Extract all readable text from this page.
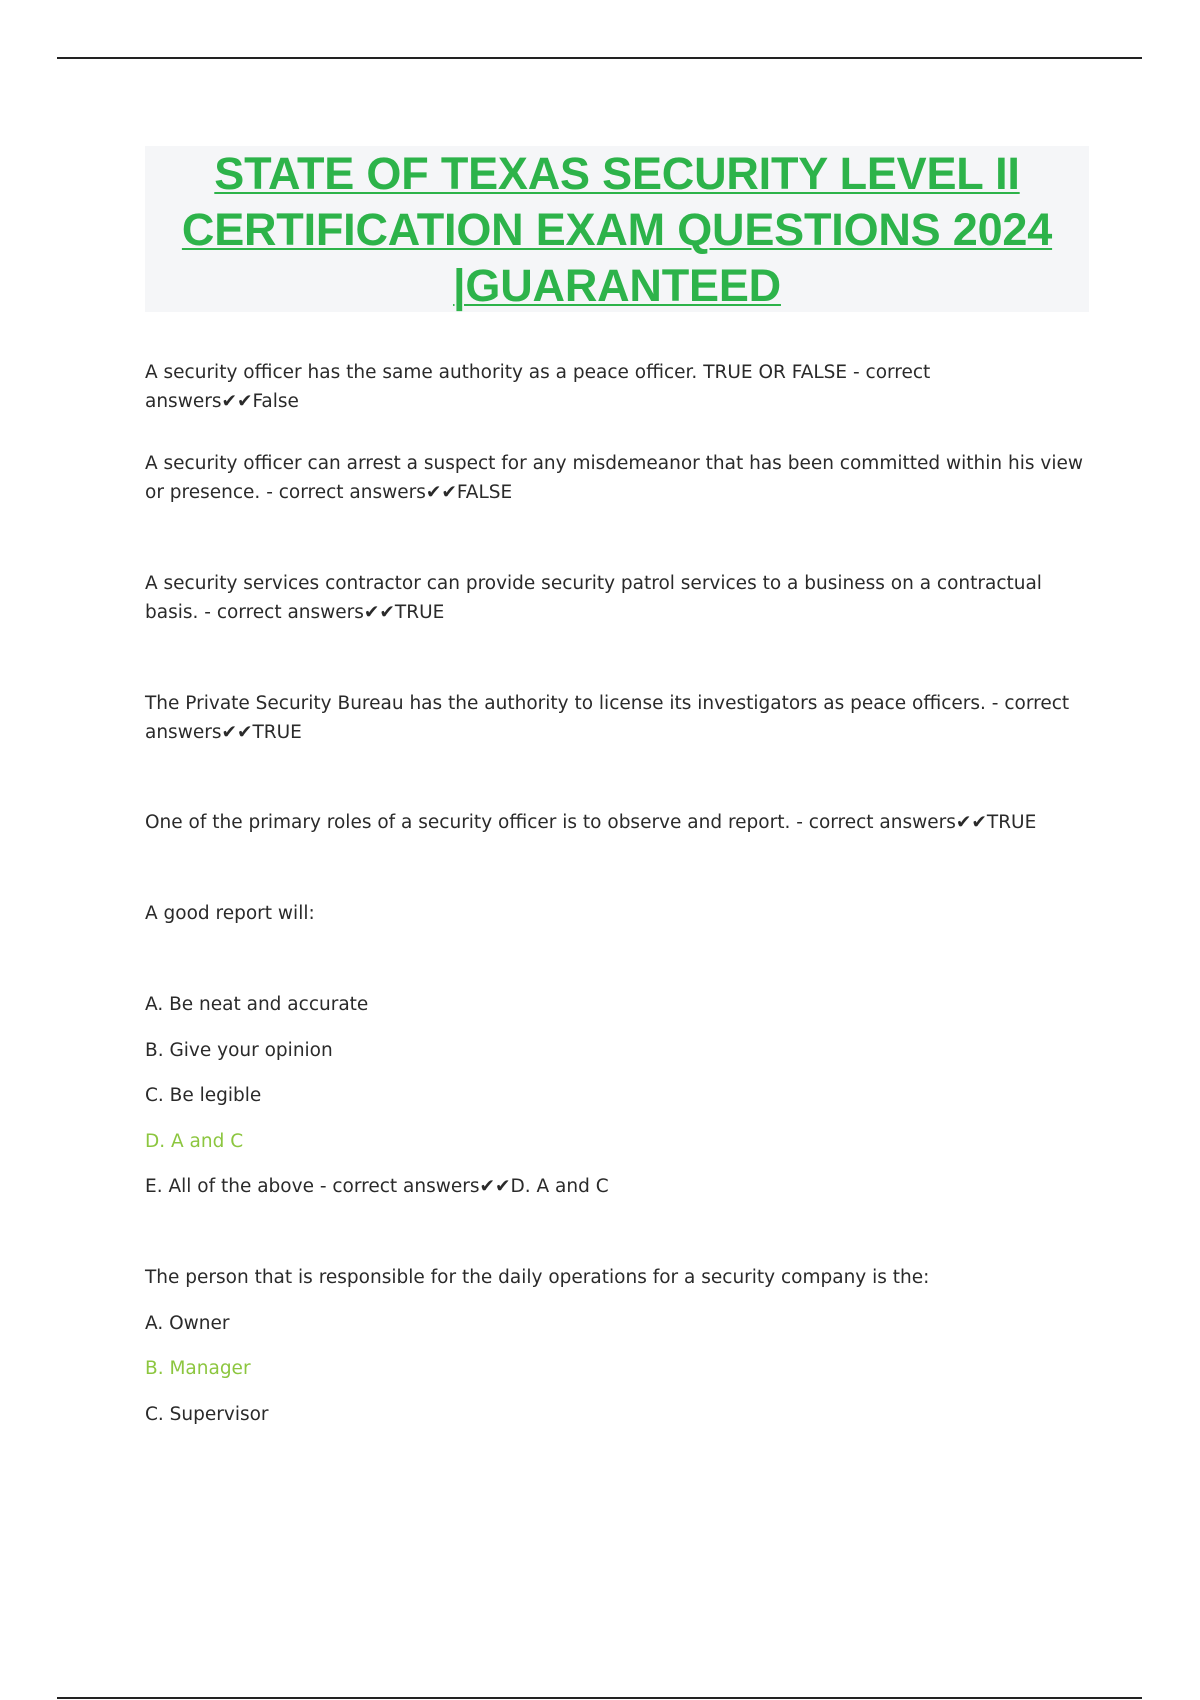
STATE OF TEXAS SECURITY LEVEL II CERTIFICATION EXAM QUESTIONS 2024 |GUARANTEED

A security officer has the same authority as a peace officer. TRUE OR FALSE - correct answers✔✔False

A security officer can arrest a suspect for any misdemeanor that has been committed within his view or presence. - correct answers✔✔FALSE

A security services contractor can provide security patrol services to a business on a contractual basis. - correct answers✔✔TRUE

The Private Security Bureau has the authority to license its investigators as peace officers. - correct answers✔✔TRUE

One of the primary roles of a security officer is to observe and report. - correct answers✔✔TRUE

A good report will:

A. Be neat and accurate

B. Give your opinion

C. Be legible

D. A and C

E. All of the above - correct answers✔✔D. A and C

The person that is responsible for the daily operations for a security company is the:

A. Owner

B. Manager

C. Supervisor
